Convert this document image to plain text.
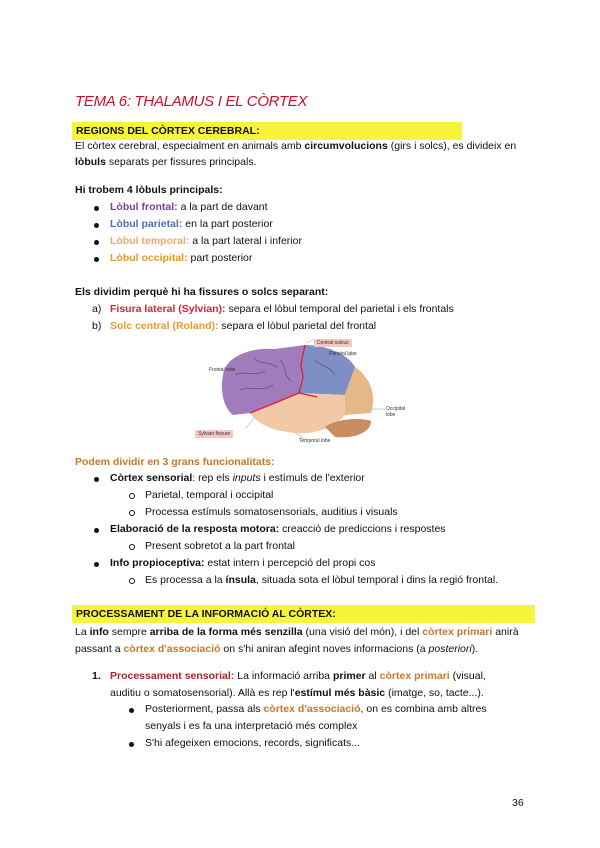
TEMA 6: THALAMUS I EL CÒRTEX
REGIONS DEL CÒRTEX CEREBRAL:
El còrtex cerebral, especialment en animals amb circumvolucions (girs i solcs), es divideix en
lòbuls separats per fissures principals.
Hi trobem 4 lòbuls principals:
Lòbul frontal: a la part de davant
Lòbul parietal: en la part posterior
Lòbul temporal: a la part lateral i inferior
Lòbul occipital: part posterior
Els dividim perquè hi ha fissures o solcs separant:
a) Fisura lateral (Sylvian): separa el lòbul temporal del parietal i els frontals
b) Solc central (Roland): separa el lòbul parietal del frontal
Central sulcus
Parietal lobe
Frontal lobe
Occipital lobe
Sylvian fissure
Temporal lobe
Podem dividir en 3 grans funcionalitats:
Còrtex sensorial: rep els inputs i estímuls de l'exterior
Parietal, temporal i occipital
Processa estímuls somatosensorials, auditius i visuals
Elaboració de la resposta motora: creacció de prediccions i respostes
Present sobretot a la part frontal
Info propioceptiva: estat intern i percepció del propi cos
Es processa a la ínsula, situada sota el lòbul temporal i dins la regió frontal.
PROCESSAMENT DE LA INFORMACIÓ AL CÒRTEX:
La info sempre arriba de la forma més senzilla (una visió del món), i del còrtex primari anirà
passant a còrtex d'associació on s'hi aniran afegint noves informacions (a posteriori).
1. Processament sensorial: La informació arriba primer al còrtex primari (visual,
auditiu o somatosensorial). Allà es rep l'estímul més bàsic (imatge, so, tacte...).
Posteriorment, passa als còrtex d'associació, on es combina amb altres
senyals i es fa una interpretació més complex
S'hi afegeixen emocions, records, significats...
36
